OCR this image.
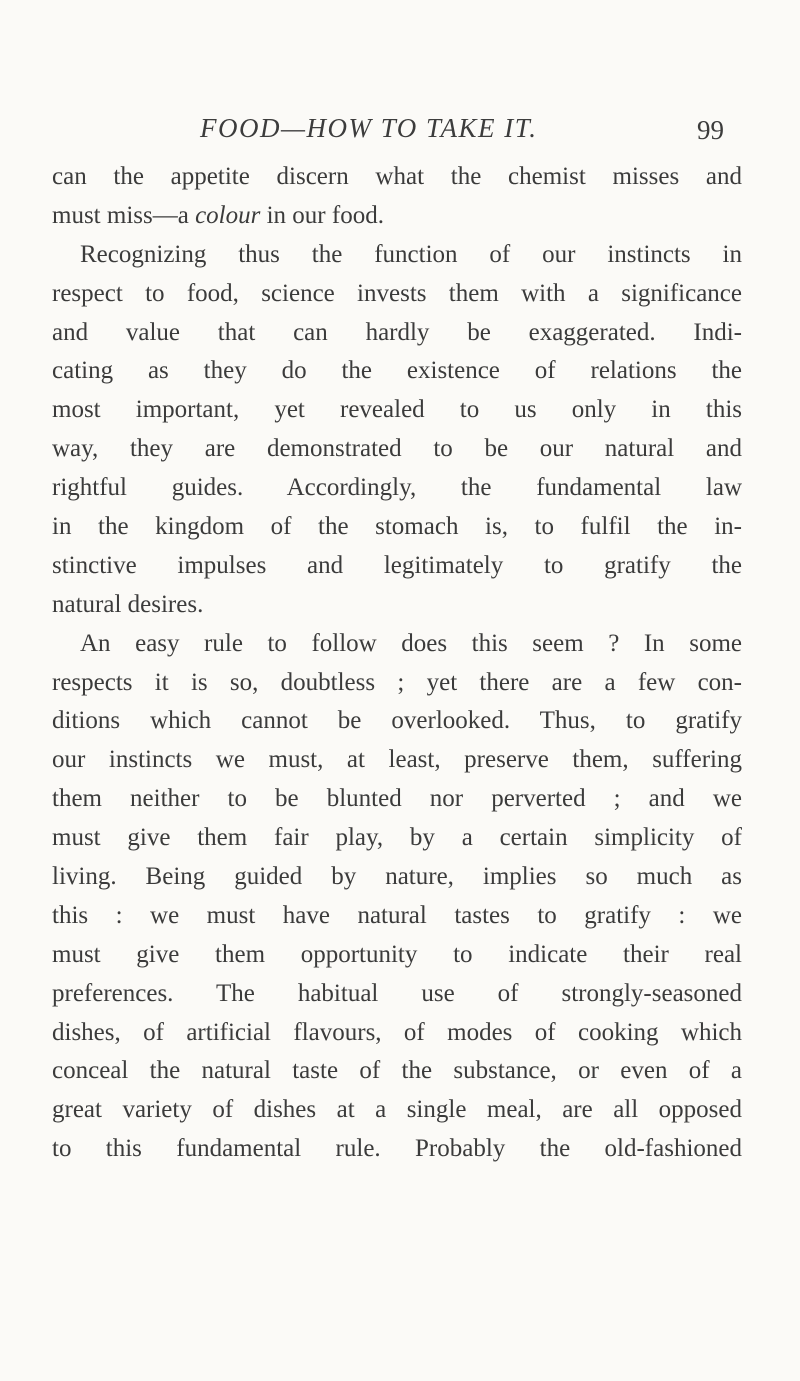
FOOD—HOW TO TAKE IT.	99
can the appetite discern what the chemist misses and
must miss—a colour in our food.
Recognizing thus the function of our instincts in
respect to food, science invests them with a significance
and value that can hardly be exaggerated. Indi-
cating as they do the existence of relations the
most important, yet revealed to us only in this
way, they are demonstrated to be our natural and
rightful guides. Accordingly, the fundamental law
in the kingdom of the stomach is, to fulfil the in-
stinctive impulses and legitimately to gratify the
natural desires.
An easy rule to follow does this seem ? In some
respects it is so, doubtless ; yet there are a few con-
ditions which cannot be overlooked. Thus, to gratify
our instincts we must, at least, preserve them, suffering
them neither to be blunted nor perverted ; and we
must give them fair play, by a certain simplicity of
living. Being guided by nature, implies so much as
this : we must have natural tastes to gratify : we
must give them opportunity to indicate their real
preferences. The habitual use of strongly-seasoned
dishes, of artificial flavours, of modes of cooking which
conceal the natural taste of the substance, or even of a
great variety of dishes at a single meal, are all opposed
to this fundamental rule. Probably the old-fashioned
